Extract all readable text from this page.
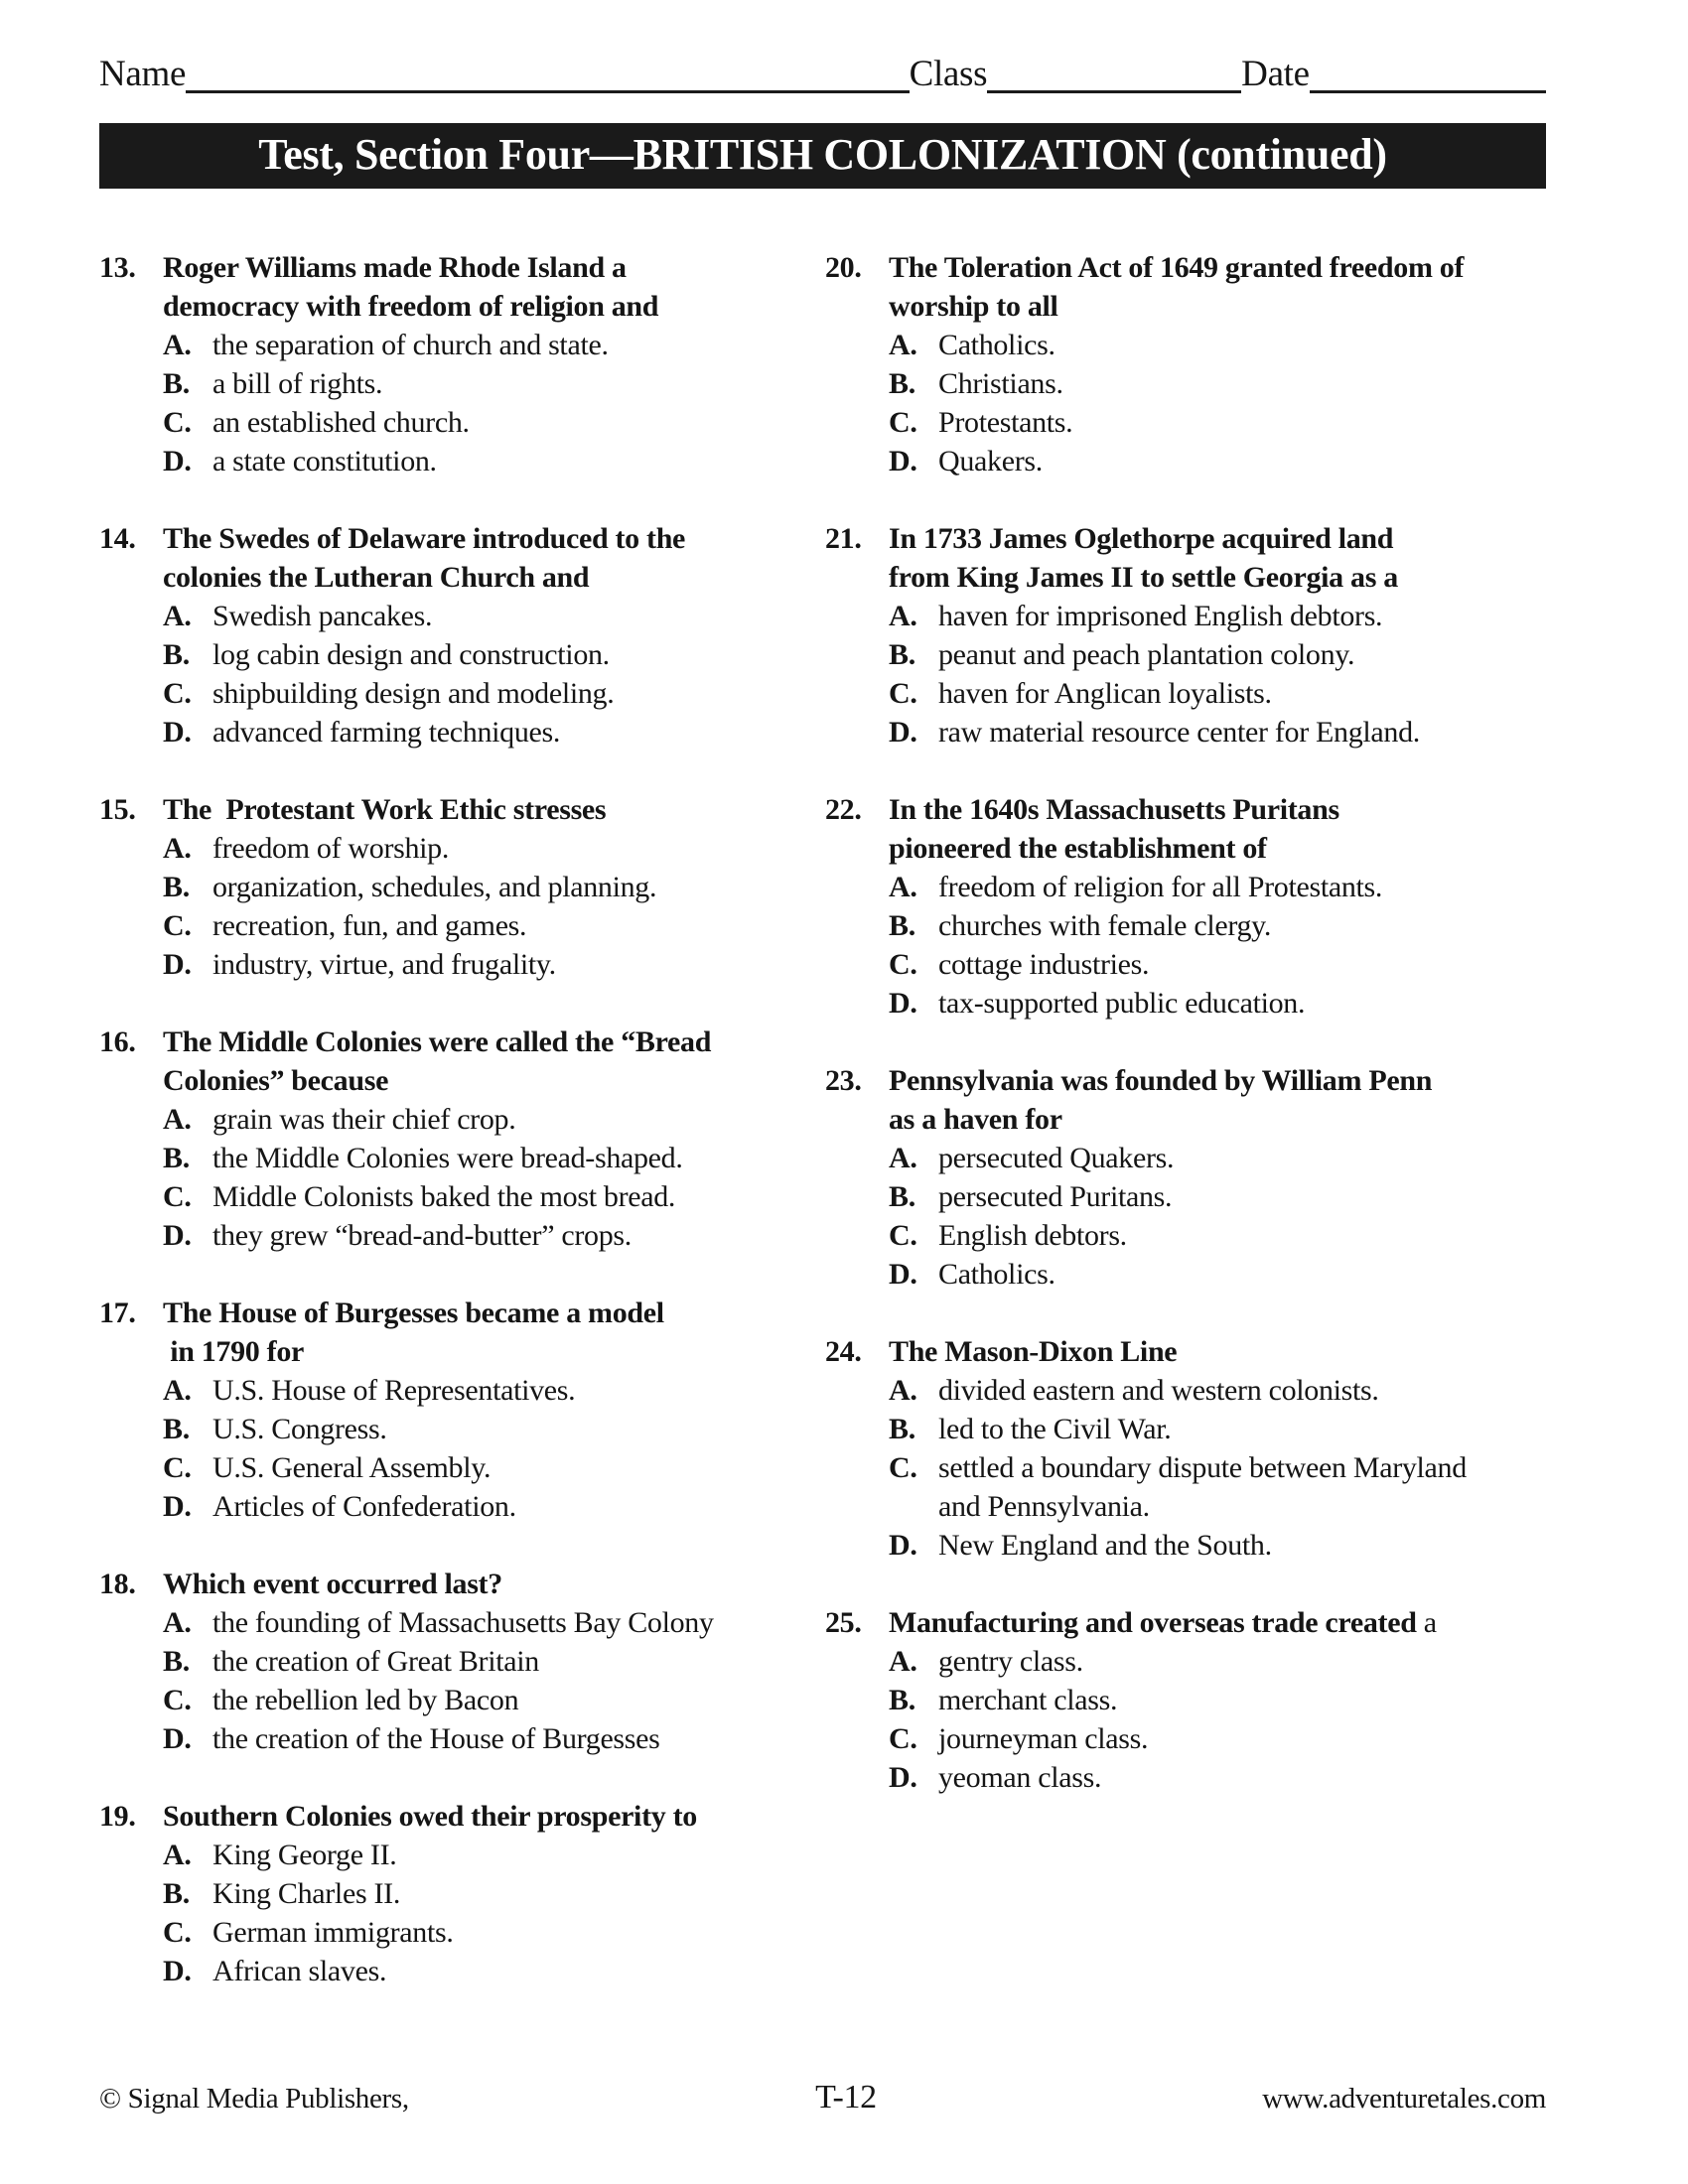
Name	Class	Date
Test, Section Four—BRITISH COLONIZATION (continued)
13. Roger Williams made Rhode Island a
democracy with freedom of religion and
A. the separation of church and state.
B. a bill of rights.
C. an established church.
D. a state constitution.
14. The Swedes of Delaware introduced to the
colonies the Lutheran Church and
A. Swedish pancakes.
B. log cabin design and construction.
C. shipbuilding design and modeling.
D. advanced farming techniques.
15. The  Protestant Work Ethic stresses
A. freedom of worship.
B. organization, schedules, and planning.
C. recreation, fun, and games.
D. industry, virtue, and frugality.
16. The Middle Colonies were called the “Bread
Colonies” because
A. grain was their chief crop.
B. the Middle Colonies were bread-shaped.
C. Middle Colonists baked the most bread.
D. they grew “bread-and-butter” crops.
17. The House of Burgesses became a model
in 1790 for
A. U.S. House of Representatives.
B. U.S. Congress.
C. U.S. General Assembly.
D. Articles of Confederation.
18. Which event occurred last?
A. the founding of Massachusetts Bay Colony
B. the creation of Great Britain
C. the rebellion led by Bacon
D. the creation of the House of Burgesses
19. Southern Colonies owed their prosperity to
A. King George II.
B. King Charles II.
C. German immigrants.
D. African slaves.
20. The Toleration Act of 1649 granted freedom of
worship to all
A. Catholics.
B. Christians.
C. Protestants.
D. Quakers.
21. In 1733 James Oglethorpe acquired land
from King James II to settle Georgia as a
A. haven for imprisoned English debtors.
B. peanut and peach plantation colony.
C. haven for Anglican loyalists.
D. raw material resource center for England.
22. In the 1640s Massachusetts Puritans
pioneered the establishment of
A. freedom of religion for all Protestants.
B. churches with female clergy.
C. cottage industries.
D. tax-supported public education.
23. Pennsylvania was founded by William Penn
as a haven for
A. persecuted Quakers.
B. persecuted Puritans.
C. English debtors.
D. Catholics.
24. The Mason-Dixon Line
A. divided eastern and western colonists.
B. led to the Civil War.
C. settled a boundary dispute between Maryland
and Pennsylvania.
D. New England and the South.
25. Manufacturing and overseas trade created a
A. gentry class.
B. merchant class.
C. journeyman class.
D. yeoman class.
© Signal Media Publishers,	T-12	www.adventuretales.com
